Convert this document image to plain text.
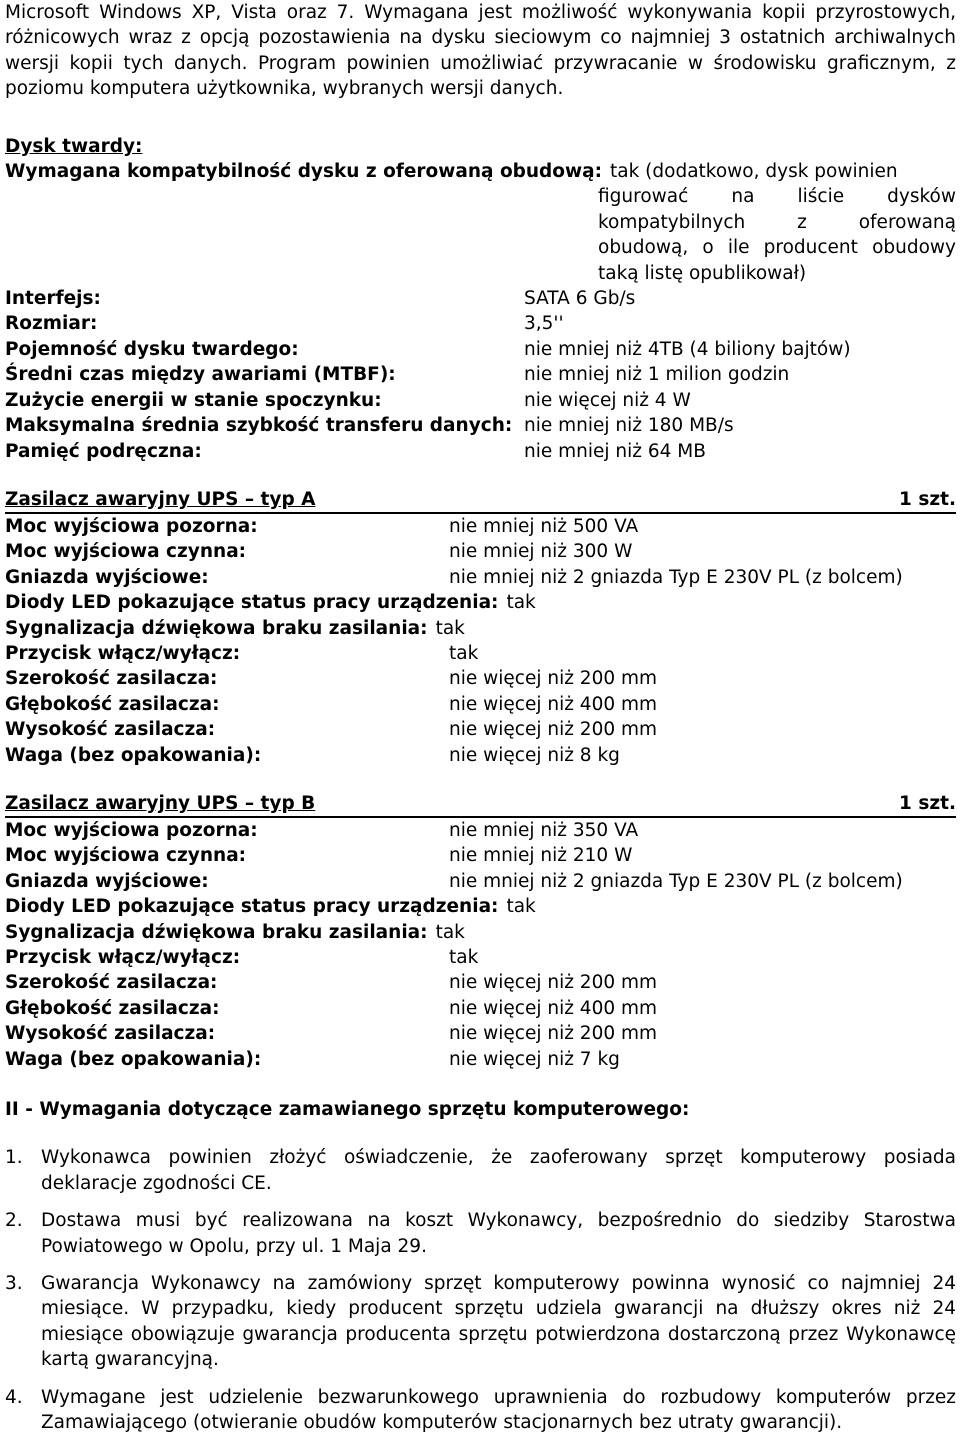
Microsoft Windows XP, Vista oraz 7. Wymagana jest możliwość wykonywania kopii przyrostowych, różnicowych wraz z opcją pozostawienia na dysku sieciowym co najmniej 3 ostatnich archiwalnych wersji kopii tych danych. Program powinien umożliwiać przywracanie w środowisku graficznym, z poziomu komputera użytkownika, wybranych wersji danych.

Dysk twardy:
Wymagana kompatybilność dysku z oferowaną obudową: tak (dodatkowo, dysk powinien
figurować na liście dysków kompatybilnych z oferowaną obudową, o ile producent obudowy taką listę opublikował)
Interfejs:	SATA 6 Gb/s
Rozmiar:	3,5''
Pojemność dysku twardego:	nie mniej niż 4TB (4 biliony bajtów)
Średni czas między awariami (MTBF):	nie mniej niż 1 milion godzin
Zużycie energii w stanie spoczynku:	nie więcej niż 4 W
Maksymalna średnia szybkość transferu danych: nie mniej niż 180 MB/s
Pamięć podręczna:	nie mniej niż 64 MB
Zasilacz awaryjny UPS – typ A	1 szt.
Moc wyjściowa pozorna:	nie mniej niż 500 VA
Moc wyjściowa czynna:	nie mniej niż 300 W
Gniazda wyjściowe:	nie mniej niż 2 gniazda Typ E 230V PL (z bolcem)
Diody LED pokazujące status pracy urządzenia: tak
Sygnalizacja dźwiękowa braku zasilania: tak
Przycisk włącz/wyłącz:	tak
Szerokość zasilacza:	nie więcej niż 200 mm
Głębokość zasilacza:	nie więcej niż 400 mm
Wysokość zasilacza:	nie więcej niż 200 mm
Waga (bez opakowania):	nie więcej niż 8 kg
Zasilacz awaryjny UPS – typ B	1 szt.
Moc wyjściowa pozorna:	nie mniej niż 350 VA
Moc wyjściowa czynna:	nie mniej niż 210 W
Gniazda wyjściowe:	nie mniej niż 2 gniazda Typ E 230V PL (z bolcem)
Diody LED pokazujące status pracy urządzenia: tak
Sygnalizacja dźwiękowa braku zasilania: tak
Przycisk włącz/wyłącz:	tak
Szerokość zasilacza:	nie więcej niż 200 mm
Głębokość zasilacza:	nie więcej niż 400 mm
Wysokość zasilacza:	nie więcej niż 200 mm
Waga (bez opakowania):	nie więcej niż 7 kg
II - Wymagania dotyczące zamawianego sprzętu komputerowego:
1. Wykonawca powinien złożyć oświadczenie, że zaoferowany sprzęt komputerowy posiada deklaracje zgodności CE.
2. Dostawa musi być realizowana na koszt Wykonawcy, bezpośrednio do siedziby Starostwa Powiatowego w Opolu, przy ul. 1 Maja 29.
3. Gwarancja Wykonawcy na zamówiony sprzęt komputerowy powinna wynosić co najmniej 24 miesiące. W przypadku, kiedy producent sprzętu udziela gwarancji na dłuższy okres niż 24 miesiące obowiązuje gwarancja producenta sprzętu potwierdzona dostarczoną przez Wykonawcę kartą gwarancyjną.
4. Wymagane jest udzielenie bezwarunkowego uprawnienia do rozbudowy komputerów przez Zamawiającego (otwieranie obudów komputerów stacjonarnych bez utraty gwarancji).
